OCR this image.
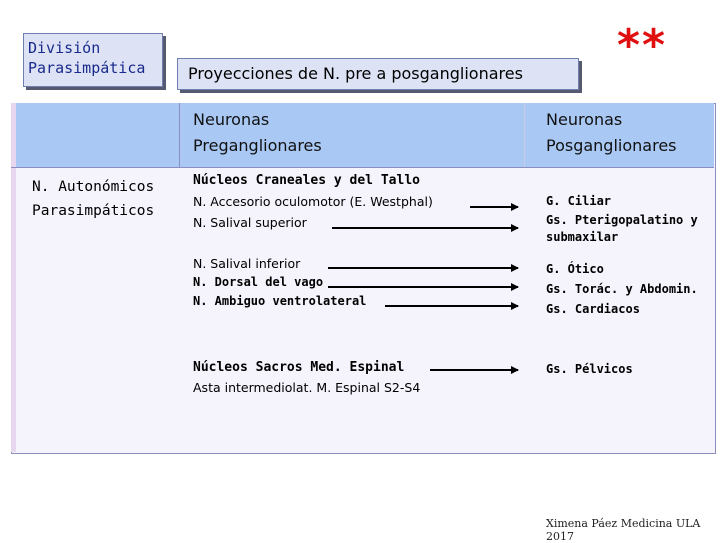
División
Parasimpática	Proyecciones de N. pre a posganglionares
**
Neuronas
Preganglionares
Neuronas
Posganglionares
N. Autonómicos
Parasimpáticos
Núcleos Craneales y del Tallo
N. Accesorio oculomotor (E. Westphal)
N. Salival superior
G. Ciliar
Gs. Pterigopalatino y
submaxilar
N. Salival inferior
N. Dorsal del vago
N. Ambiguo ventrolateral
G. Ótico
Gs. Torác. y Abdomin.
Gs. Cardiacos
Núcleos Sacros Med. Espinal
Asta intermediolat. M. Espinal S2-S4
Gs. Pélvicos
Ximena Páez Medicina ULA 2017
